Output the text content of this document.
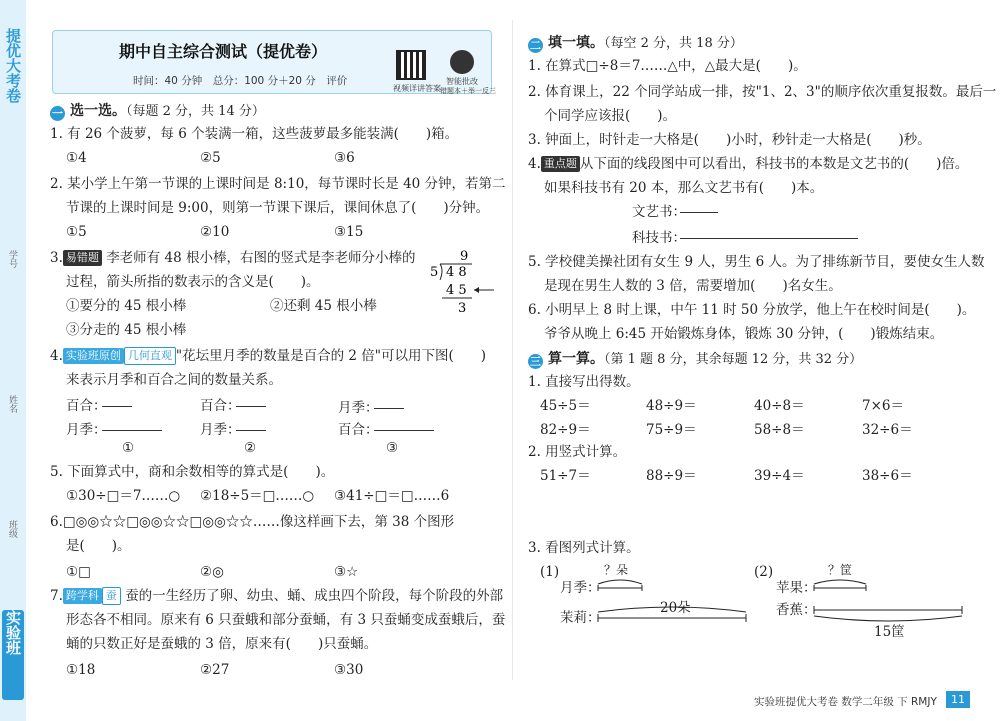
提优大考卷
学号
姓名
班级
实验班
期中自主综合测试（提优卷）
时间：40 分钟　总分：100 分＋20 分　评价
视频详讲答案
智能批改
错题本＋举一反三
一 选一选。（每题 2 分，共 14 分）
1. 有 26 个菠萝，每 6 个装满一箱，这些菠萝最多能装满(　　)箱。
①4	②5	③6
2. 某小学上午第一节课的上课时间是 8:10，每节课时长是 40 分钟，若第二
节课的上课时间是 9:00，则第一节课下课后，课间休息了(　　)分钟。
①5	②10	③15
3. 易错题 李老师有 48 根小棒，右图的竖式是李老师分小棒的
过程，箭头所指的数表示的含义是(　　)。
9
5 4 8
4 5
3
①要分的 45 根小棒	②还剩 45 根小棒
③分走的 45 根小棒
4. 实验班原创 几何直观 "花坛里月季的数量是百合的 2 倍"可以用下图(　　)
来表示月季和百合之间的数量关系。
百合：
月季：
①
百合：
月季：
②
月季：
百合：
③
5. 下面算式中，商和余数相等的算式是(　　)。
①30÷□＝7……○ ②18÷5＝□……○ ③41÷□＝□……6
6.□◎◎☆☆□◎◎☆☆□◎◎☆☆……像这样画下去，第 38 个图形
是(　　)。
①□	②◎	③☆
7. 跨学科 蚕 蚕的一生经历了卵、幼虫、蛹、成虫四个阶段，每个阶段的外部
形态各不相同。原来有 6 只蚕蛾和部分蚕蛹，有 3 只蚕蛹变成蚕蛾后，蚕
蛹的只数正好是蚕蛾的 3 倍，原来有(　　)只蚕蛹。
①18	②27	③30
二 填一填。（每空 2 分，共 18 分）
1. 在算式□÷8＝7……△中，△最大是(　　)。
2. 体育课上，22 个同学站成一排，按"1、2、3"的顺序依次重复报数。最后一
个同学应该报(　　)。
3. 钟面上，时针走一大格是(　　)小时，秒针走一大格是(　　)秒。
4. 重点题 从下面的线段图中可以看出，科技书的本数是文艺书的(　　)倍。
如果科技书有 20 本，那么文艺书有(　　)本。
文艺书：
科技书：
5. 学校健美操社团有女生 9 人，男生 6 人。为了排练新节目，要使女生人数
是现在男生人数的 3 倍，需要增加(　　)名女生。
6. 小明早上 8 时上课，中午 11 时 50 分放学，他上午在校时间是(　　)。
爷爷从晚上 6:45 开始锻炼身体，锻炼 30 分钟，(　　)锻炼结束。
三 算一算。（第 1 题 8 分，其余每题 12 分，共 32 分）
1. 直接写出得数。
45÷5＝	48÷9＝	40÷8＝	7×6＝
82÷9＝	75÷9＝	58÷8＝	32÷6＝
2. 用竖式计算。
51÷7＝	88÷9＝	39÷4＝	38÷6＝
3. 看图列式计算。
(1)	？朵
月季：
20朵
茉莉：
(2)	？筐
苹果：
香蕉：
15筐
实验班提优大考卷 数学二年级 下 RMJY	11
